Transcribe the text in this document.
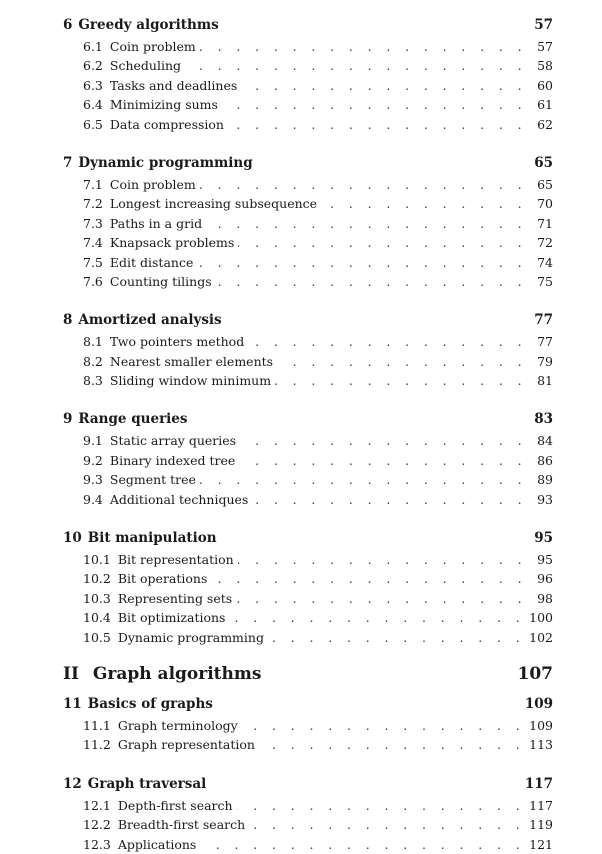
6 Greedy algorithms	57
6.1 Coin problem . . .	57
6.2 Scheduling . . .	58
6.3 Tasks and deadlines . . .	60
6.4 Minimizing sums . . .	61
6.5 Data compression . . .	62
7 Dynamic programming	65
7.1 Coin problem . . .	65
7.2 Longest increasing subsequence . . .	70
7.3 Paths in a grid . . .	71
7.4 Knapsack problems . . .	72
7.5 Edit distance . . .	74
7.6 Counting tilings . . .	75
8 Amortized analysis	77
8.1 Two pointers method . . .	77
8.2 Nearest smaller elements . . .	79
8.3 Sliding window minimum . . .	81
9 Range queries	83
9.1 Static array queries . . .	84
9.2 Binary indexed tree . . .	86
9.3 Segment tree . . .	89
9.4 Additional techniques . . .	93
10 Bit manipulation	95
10.1 Bit representation . . .	95
10.2 Bit operations . . .	96
10.3 Representing sets . . .	98
10.4 Bit optimizations . . .	100
10.5 Dynamic programming . . .	102
II Graph algorithms	107
11 Basics of graphs	109
11.1 Graph terminology . . .	109
11.2 Graph representation . . .	113
12 Graph traversal	117
12.1 Depth-first search . . .	117
12.2 Breadth-first search . . .	119
12.3 Applications . . .	121
